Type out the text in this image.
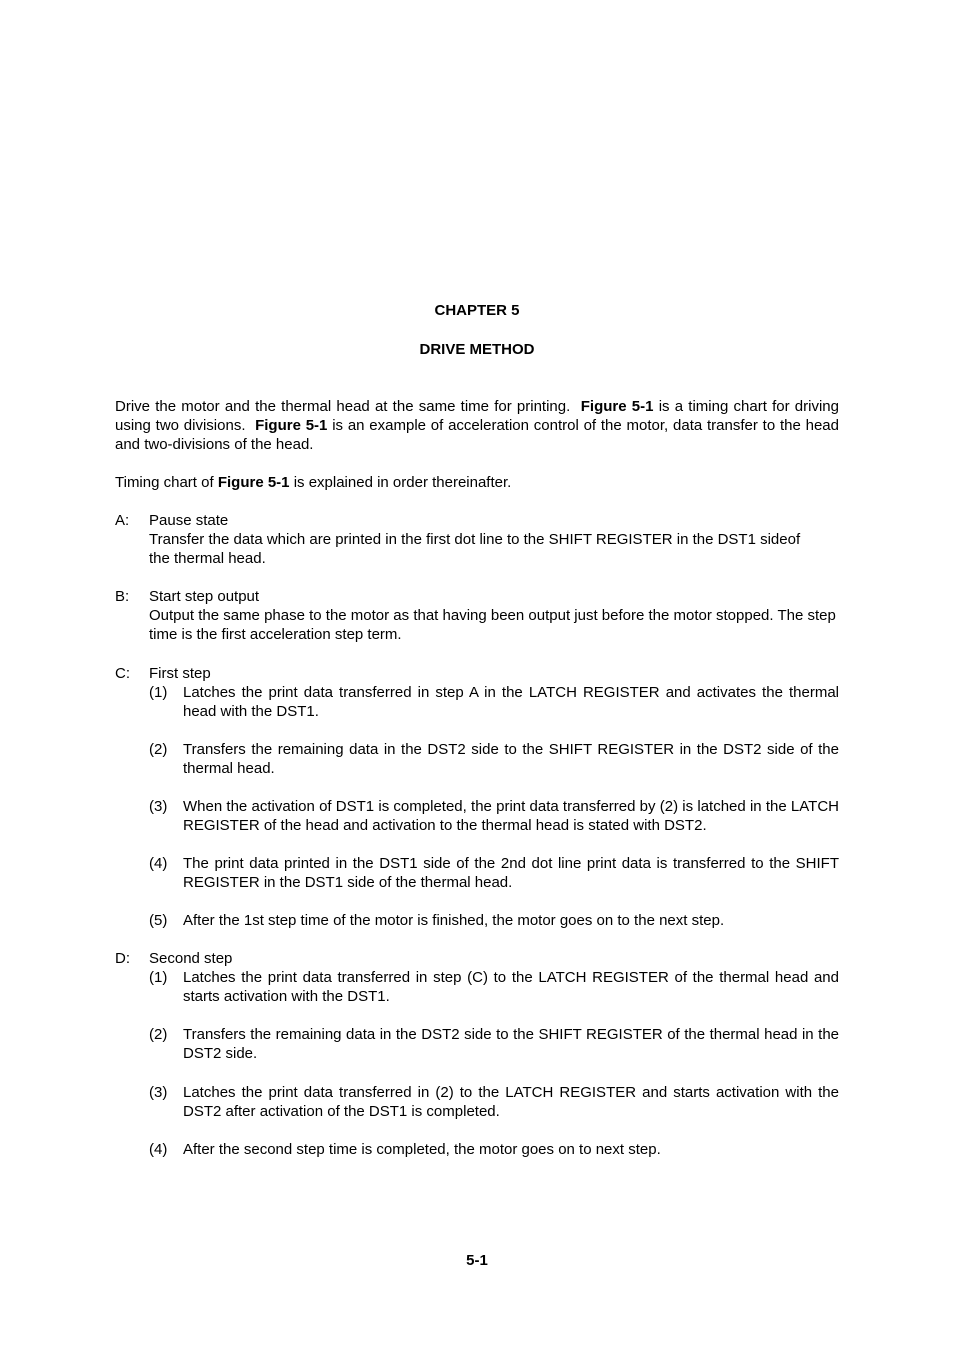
CHAPTER 5
DRIVE METHOD

Drive the motor and the thermal head at the same time for printing. Figure 5-1 is a timing chart for driving using two divisions. Figure 5-1 is an example of acceleration control of the motor, data transfer to the head and two-divisions of the head.

Timing chart of Figure 5-1 is explained in order thereinafter.

A: Pause state

Transfer the data which are printed in the first dot line to the SHIFT REGISTER in the DST1 sideof the thermal head.

B: Start step output

Output the same phase to the motor as that having been output just before the motor stopped. The step time is the first acceleration step term.

C: First step
(1) Latches the print data transferred in step A in the LATCH REGISTER and activates the thermal head with the DST1.

(2) Transfers the remaining data in the DST2 side to the SHIFT REGISTER in the DST2 side of the thermal head.

(3) When the activation of DST1 is completed, the print data transferred by (2) is latched in the LATCH REGISTER of the head and activation to the thermal head is stated with DST2.

(4) The print data printed in the DST1 side of the 2nd dot line print data is transferred to the SHIFT REGISTER in the DST1 side of the thermal head.

(5) After the 1st step time of the motor is finished, the motor goes on to the next step.

D: Second step
(1) Latches the print data transferred in step (C) to the LATCH REGISTER of the thermal head and starts activation with the DST1.

(2) Transfers the remaining data in the DST2 side to the SHIFT REGISTER of the thermal head in the DST2 side.

(3) Latches the print data transferred in (2) to the LATCH REGISTER and starts activation with the DST2 after activation of the DST1 is completed.

(4) After the second step time is completed, the motor goes on to next step.

5-1
